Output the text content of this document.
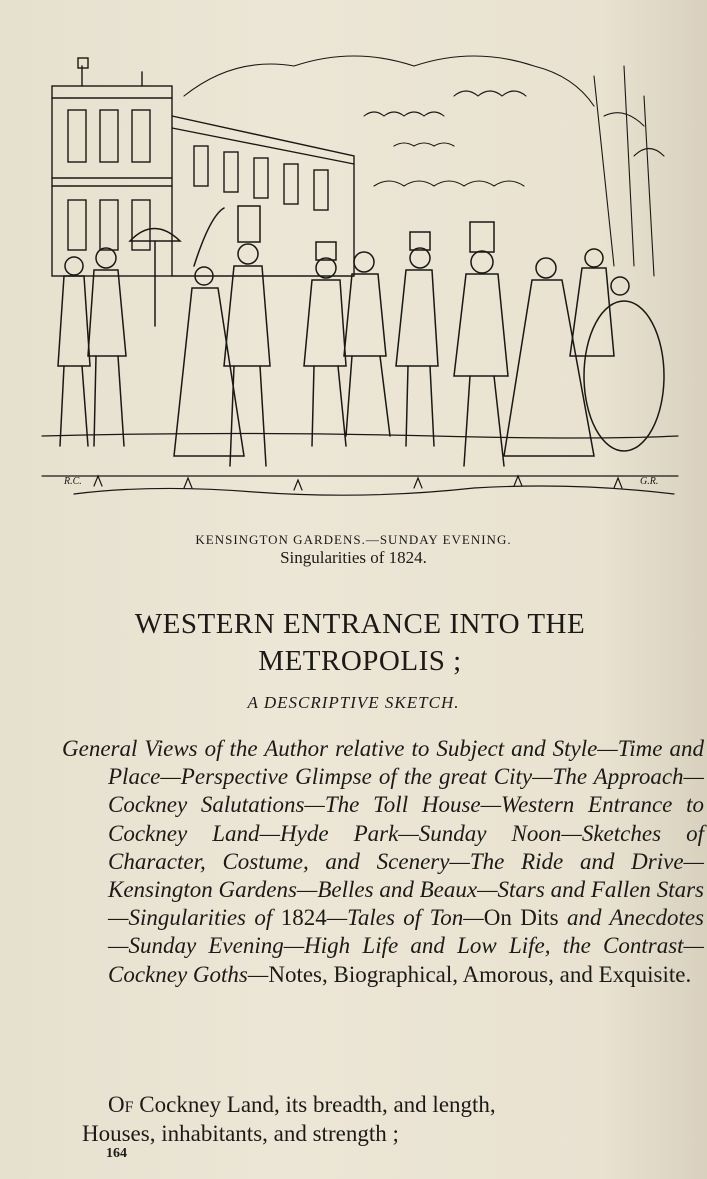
R.C.	G.R.
KENSINGTON GARDENS.—SUNDAY EVENING.
Singularities of 1824.
WESTERN ENTRANCE INTO THE METROPOLIS ;
A DESCRIPTIVE SKETCH.
General Views of the Author relative to Subject and Style—Time and Place—Perspective Glimpse of the great City—The Approach—Cockney Salutations—The Toll House—Western Entrance to Cockney Land—Hyde Park—Sunday Noon—Sketches of Character, Costume, and Scenery—The Ride and Drive—Kensington Gardens—Belles and Beaux—Stars and Fallen Stars—Singularities of 1824—Tales of Ton—On Dits and Anecdotes—Sunday Evening—High Life and Low Life, the Contrast—Cockney Goths—Notes, Biographical, Amorous, and Exquisite.
Of Cockney Land, its breadth, and length,
Houses, inhabitants, and strength ;
164
